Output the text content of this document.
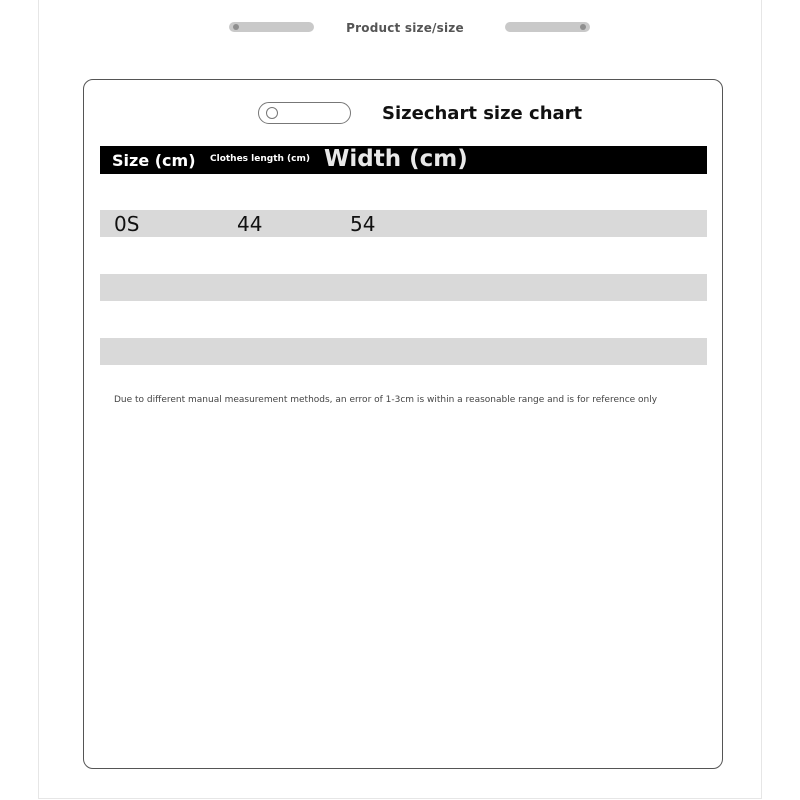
Product size/size
Sizechart size chart
Size (cm) Clothes length (cm) Width (cm)
0S	44	54
Due to different manual measurement methods, an error of 1-3cm is within a reasonable range and is for reference only
